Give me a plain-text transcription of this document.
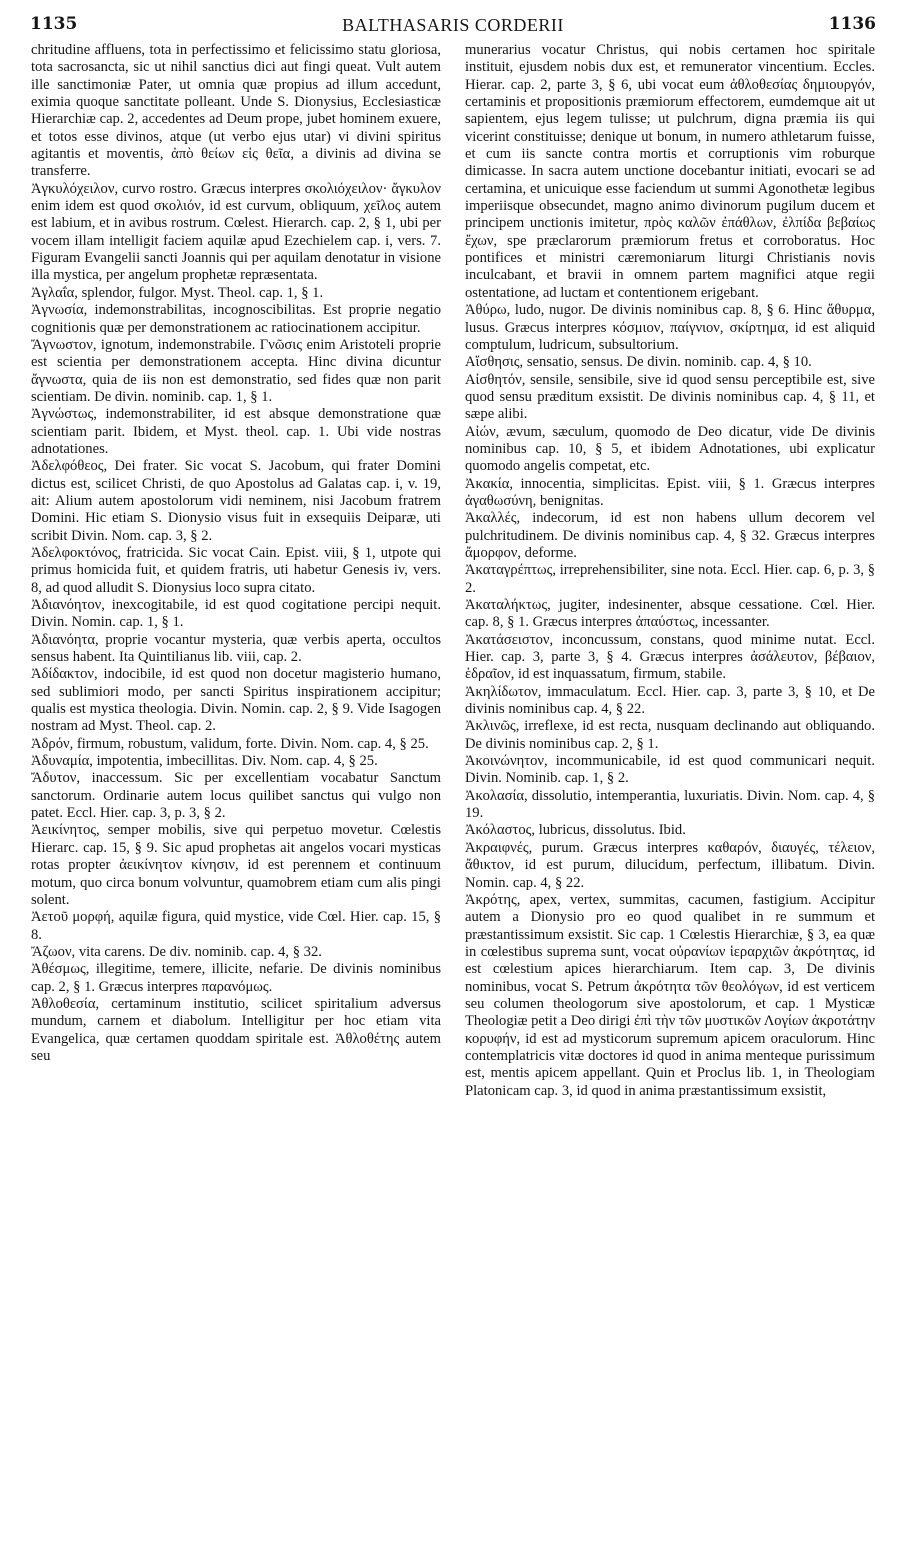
1135	BALTHASARIS CORDERII	1136

chritudine affluens, tota in perfectissimo et felicissimo statu gloriosa, tota sacrosancta, sic ut nihil sanctius dici aut fingi queat. Vult autem ille sanctimoniæ Pater, ut omnia quæ propius ad illum accedunt, eximia quoque sanctitate polleant. Unde S. Dionysius, Ecclesiasticæ Hierarchiæ cap. 2, accedentes ad Deum prope, jubet hominem exuere, et totos esse divinos, atque (ut verbo ejus utar) vi divini spiritus agitantis et moventis, ἀπὸ θείων εἰς θεῖα, a divinis ad divina se transferre.

Ἀγκυλόχειλον, curvo rostro. Græcus interpres σκολιόχειλον· ἄγκυλον enim idem est quod σκολιόν, id est curvum, obliquum, χεῖλος autem est labium, et in avibus rostrum. Cœlest. Hierarch. cap. 2, § 1, ubi per vocem illam intelligit faciem aquilæ apud Ezechielem cap. i, vers. 7. Figuram Evangelii sancti Joannis qui per aquilam denotatur in visione illa mystica, per angelum prophetæ repræsentata.

Ἀγλαΐα, splendor, fulgor. Myst. Theol. cap. 1, § 1.

Ἀγνωσία, indemonstrabilitas, incognoscibilitas. Est proprie negatio cognitionis quæ per demonstrationem ac ratiocinationem accipitur.

Ἄγνωστον, ignotum, indemonstrabile. Γνῶσις enim Aristoteli proprie est scientia per demonstrationem accepta. Hinc divina dicuntur ἄγνωστα, quia de iis non est demonstratio, sed fides quæ non parit scientiam. De divin. nominib. cap. 1, § 1.

Ἀγνώστως, indemonstrabiliter, id est absque demonstratione quæ scientiam parit. Ibidem, et Myst. theol. cap. 1. Ubi vide nostras adnotationes.

Ἀδελφόθεος, Dei frater. Sic vocat S. Jacobum, qui frater Domini dictus est, scilicet Christi, de quo Apostolus ad Galatas cap. i, v. 19, ait: Alium autem apostolorum vidi neminem, nisi Jacobum fratrem Domini. Hic etiam S. Dionysio visus fuit in exsequiis Deiparæ, uti scribit Divin. Nom. cap. 3, § 2.

Ἀδελφοκτόνος, fratricida. Sic vocat Cain. Epist. viii, § 1, utpote qui primus homicida fuit, et quidem fratris, uti habetur Genesis iv, vers. 8, ad quod alludit S. Dionysius loco supra citato.

Ἀδιανόητον, inexcogitabile, id est quod cogitatione percipi nequit. Divin. Nomin. cap. 1, § 1.

Ἀδιανόητα, proprie vocantur mysteria, quæ verbis aperta, occultos sensus habent. Ita Quintilianus lib. viii, cap. 2.

Ἀδίδακτον, indocibile, id est quod non docetur magisterio humano, sed sublimiori modo, per sancti Spiritus inspirationem accipitur; qualis est mystica theologia. Divin. Nomin. cap. 2, § 9. Vide Isagogen nostram ad Myst. Theol. cap. 2.

Ἀδρόν, firmum, robustum, validum, forte. Divin. Nom. cap. 4, § 25.

Ἀδυναμία, impotentia, imbecillitas. Div. Nom. cap. 4, § 25.

Ἄδυτον, inaccessum. Sic per excellentiam vocabatur Sanctum sanctorum. Ordinarie autem locus quilibet sanctus qui vulgo non patet. Eccl. Hier. cap. 3, p. 3, § 2.

Ἀεικίνητος, semper mobilis, sive qui perpetuo movetur. Cœlestis Hierarc. cap. 15, § 9. Sic apud prophetas ait angelos vocari mysticas rotas propter ἀεικίνητον κίνησιν, id est perennem et continuum motum, quo circa bonum volvuntur, quamobrem etiam cum alis pingi solent.

Ἀετοῦ μορφή, aquilæ figura, quid mystice, vide Cœl. Hier. cap. 15, § 8.

Ἄζωον, vita carens. De div. nominib. cap. 4, § 32.

Ἀθέσμως, illegitime, temere, illicite, nefarie. De divinis nominibus cap. 2, § 1. Græcus interpres παρανόμως.

Ἀθλοθεσία, certaminum institutio, scilicet spiritalium adversus mundum, carnem et diabolum. Intelligitur per hoc etiam vita Evangelica, quæ certamen quoddam spiritale est. Ἀθλοθέτης autem seu

munerarius vocatur Christus, qui nobis certamen hoc spiritale instituit, ejusdem nobis dux est, et remunerator vincentium. Eccles. Hierar. cap. 2, parte 3, § 6, ubi vocat eum ἀθλοθεσίας δημιουργόν, certaminis et propositionis præmiorum effectorem, eumdemque ait ut sapientem, ejus legem tulisse; ut pulchrum, digna præmia iis qui vicerint constituisse; denique ut bonum, in numero athletarum fuisse, et cum iis sancte contra mortis et corruptionis vim roburque dimicasse. In sacra autem unctione docebantur initiati, evocari se ad certamina, et unicuique esse faciendum ut summi Agonothetæ legibus imperiisque obsecundet, magno animo divinorum pugilum ducem et principem unctionis imitetur, πρὸς καλῶν ἐπάθλων, ἐλπίδα βεβαίως ἔχων, spe præclarorum præmiorum fretus et corroboratus. Hoc pontifices et ministri cæremoniarum liturgi Christianis novis inculcabant, et bravii in omnem partem magnifici atque regii ostentatione, ad luctam et contentionem erigebant.

Ἀθύρω, ludo, nugor. De divinis nominibus cap. 8, § 6. Hinc ἄθυρμα, lusus. Græcus interpres κόσμιον, παίγνιον, σκίρτημα, id est aliquid comptulum, ludricum, subsultorium.

Αἴσθησις, sensatio, sensus. De divin. nominib. cap. 4, § 10.

Αἰσθητόν, sensile, sensibile, sive id quod sensu perceptibile est, sive quod sensu præditum exsistit. De divinis nominibus cap. 4, § 11, et sæpe alibi.

Αἰών, ævum, sæculum, quomodo de Deo dicatur, vide De divinis nominibus cap. 10, § 5, et ibidem Adnotationes, ubi explicatur quomodo angelis competat, etc.

Ἀκακία, innocentia, simplicitas. Epist. viii, § 1. Græcus interpres ἀγαθωσύνη, benignitas.

Ἀκαλλές, indecorum, id est non habens ullum decorem vel pulchritudinem. De divinis nominibus cap. 4, § 32. Græcus interpres ἄμορφον, deforme.

Ἀκαταγρέπτως, irreprehensibiliter, sine nota. Eccl. Hier. cap. 6, p. 3, § 2.

Ἀκαταλήκτως, jugiter, indesinenter, absque cessatione. Cœl. Hier. cap. 8, § 1. Græcus interpres ἀπαύστως, incessanter.

Ἀκατάσειστον, inconcussum, constans, quod minime nutat. Eccl. Hier. cap. 3, parte 3, § 4. Græcus interpres ἀσάλευτον, βέβαιον, ἑδραῖον, id est inquassatum, firmum, stabile.

Ἀκηλίδωτον, immaculatum. Eccl. Hier. cap. 3, parte 3, § 10, et De divinis nominibus cap. 4, § 22.

Ἀκλινῶς, irreflexe, id est recta, nusquam declinando aut obliquando. De divinis nominibus cap. 2, § 1.

Ἀκοινώνητον, incommunicabile, id est quod communicari nequit. Divin. Nominib. cap. 1, § 2.

Ἀκολασία, dissolutio, intemperantia, luxuriatis. Divin. Nom. cap. 4, § 19.

Ἀκόλαστος, lubricus, dissolutus. Ibid.

Ἀκραιφνές, purum. Græcus interpres καθαρόν, διαυγές, τέλειον, ἄθικτον, id est purum, dilucidum, perfectum, illibatum. Divin. Nomin. cap. 4, § 22.

Ἀκρότης, apex, vertex, summitas, cacumen, fastigium. Accipitur autem a Dionysio pro eo quod qualibet in re summum et præstantissimum exsistit. Sic cap. 1 Cœlestis Hierarchiæ, § 3, ea quæ in cœlestibus suprema sunt, vocat οὐρανίων ἱεραρχιῶν ἀκρότητας, id est cœlestium apices hierarchiarum. Item cap. 3, De divinis nominibus, vocat S. Petrum ἀκρότητα τῶν θεολόγων, id est verticem seu columen theologorum sive apostolorum, et cap. 1 Mysticæ Theologiæ petit a Deo dirigi ἐπὶ τὴν τῶν μυστικῶν Λογίων ἀκροτάτην κορυφήν, id est ad mysticorum supremum apicem oraculorum. Hinc contemplatricis vitæ doctores id quod in anima menteque purissimum est, mentis apicem appellant. Quin et Proclus lib. 1, in Theologiam Platonicam cap. 3, id quod in anima præstantissimum exsistit,
